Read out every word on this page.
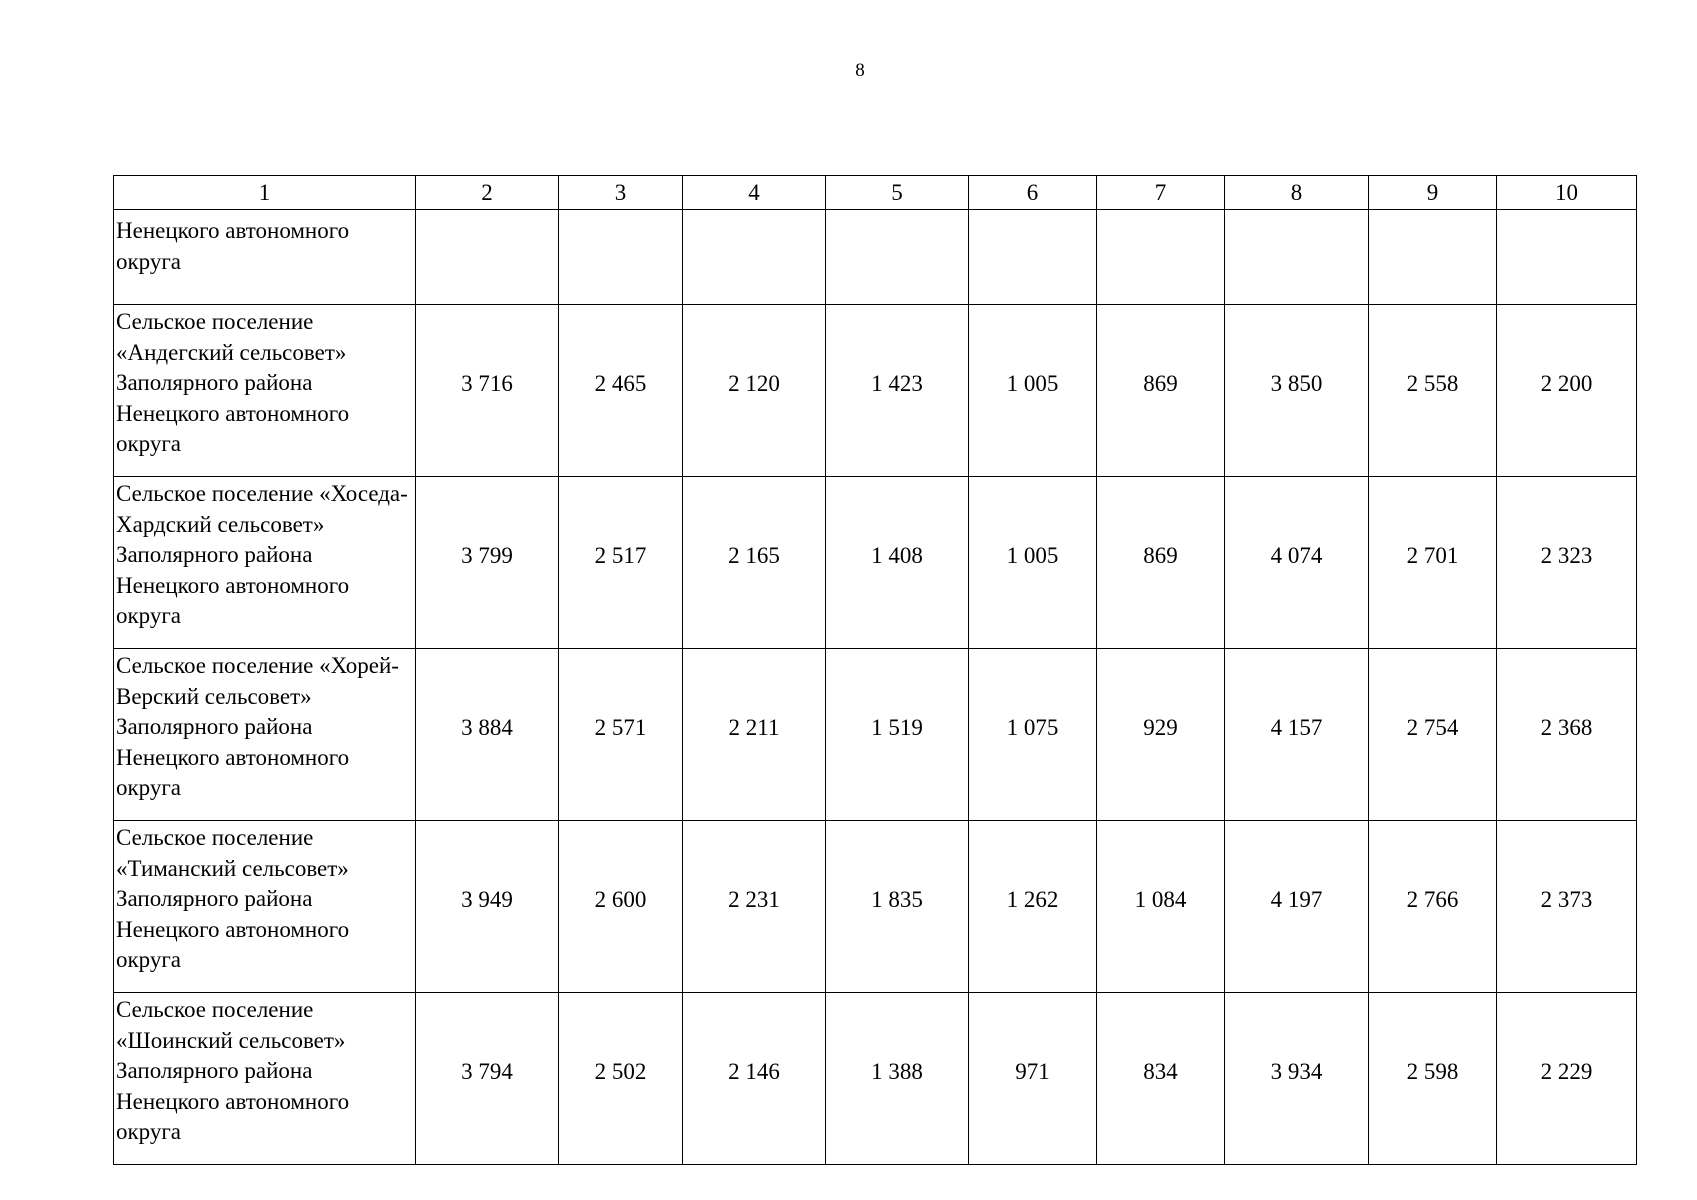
8
1	2	3	4	5	6	7	8	9	10
Ненецкого автономного округа									
Сельское поселение «Андегский сельсовет» Заполярного района Ненецкого автономного округа	3 716	2 465	2 120	1 423	1 005	869	3 850	2 558	2 200
Сельское поселение «Хоседа-Хардский сельсовет» Заполярного района Ненецкого автономного округа	3 799	2 517	2 165	1 408	1 005	869	4 074	2 701	2 323
Сельское поселение «Хорей-Верский сельсовет» Заполярного района Ненецкого автономного округа	3 884	2 571	2 211	1 519	1 075	929	4 157	2 754	2 368
Сельское поселение «Тиманский сельсовет» Заполярного района Ненецкого автономного округа	3 949	2 600	2 231	1 835	1 262	1 084	4 197	2 766	2 373
Сельское поселение «Шоинский сельсовет» Заполярного района Ненецкого автономного округа	3 794	2 502	2 146	1 388	971	834	3 934	2 598	2 229
